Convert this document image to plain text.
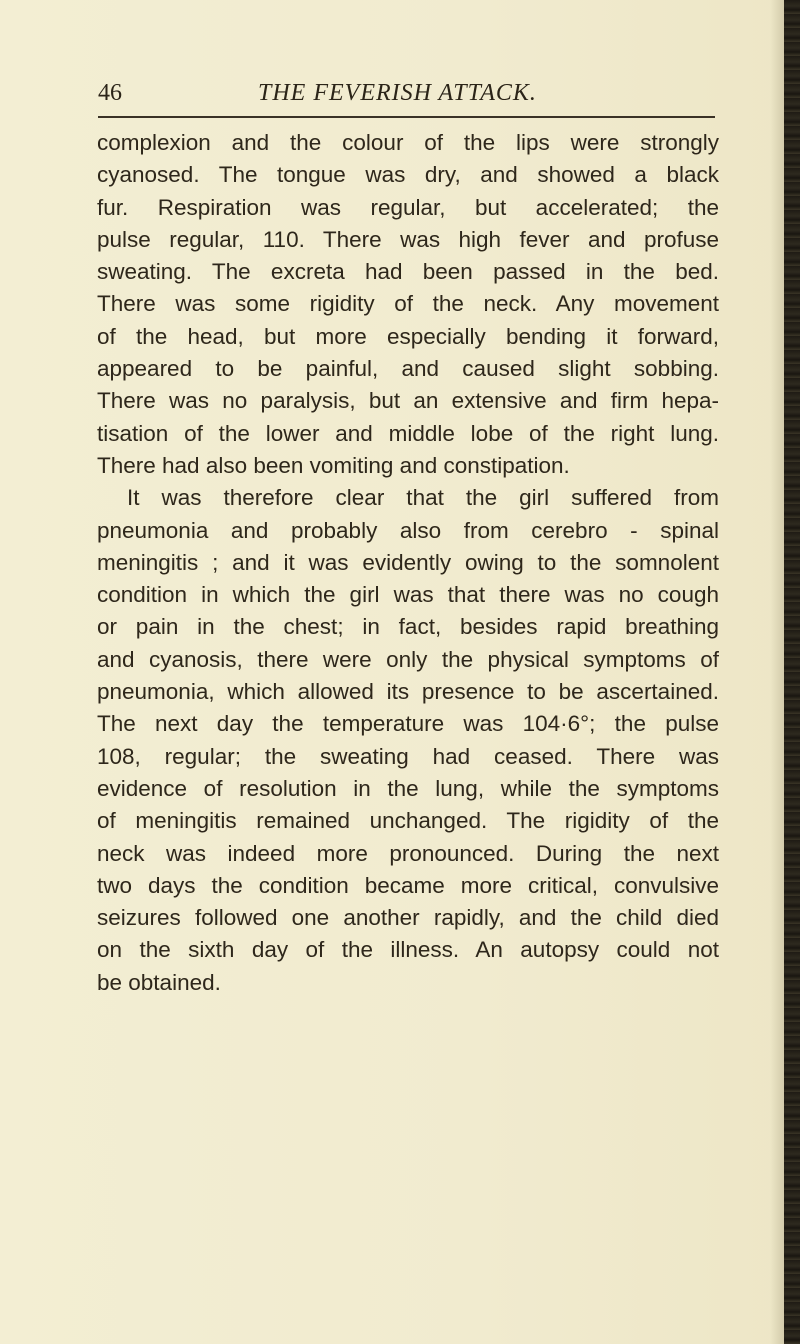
46	THE FEVERISH ATTACK.
complexion and the colour of the lips were strongly
cyanosed. The tongue was dry, and showed a black
fur. Respiration was regular, but accelerated; the
pulse regular, 110. There was high fever and profuse
sweating. The excreta had been passed in the bed.
There was some rigidity of the neck. Any movement
of the head, but more especially bending it forward,
appeared to be painful, and caused slight sobbing.
There was no paralysis, but an extensive and firm hepa-
tisation of the lower and middle lobe of the right lung.
There had also been vomiting and constipation.
It was therefore clear that the girl suffered from
pneumonia and probably also from cerebro - spinal
meningitis ; and it was evidently owing to the somnolent
condition in which the girl was that there was no cough
or pain in the chest; in fact, besides rapid breathing
and cyanosis, there were only the physical symptoms of
pneumonia, which allowed its presence to be ascertained.
The next day the temperature was 104·6°; the pulse
108, regular; the sweating had ceased. There was
evidence of resolution in the lung, while the symptoms
of meningitis remained unchanged. The rigidity of the
neck was indeed more pronounced. During the next
two days the condition became more critical, convulsive
seizures followed one another rapidly, and the child died
on the sixth day of the illness. An autopsy could not
be obtained.
